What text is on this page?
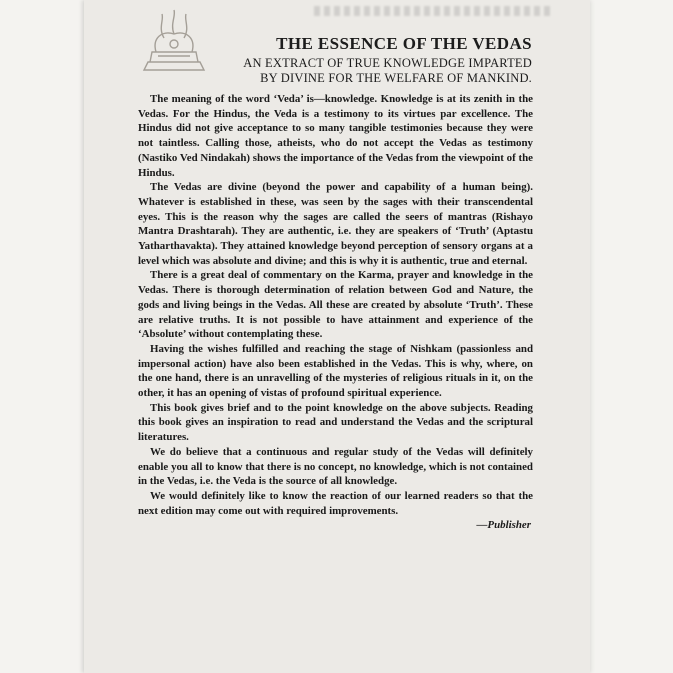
THE ESSENCE OF THE VEDAS
AN EXTRACT OF TRUE KNOWLEDGE IMPARTED
BY DIVINE FOR THE WELFARE OF MANKIND.

The meaning of the word ‘Veda’ is—knowledge. Knowledge is at its zenith in the Vedas. For the Hindus, the Veda is a testimony to its virtues par excellence. The Hindus did not give acceptance to so many tangible testimonies because they were not taintless. Calling those, atheists, who do not accept the Vedas as testimony (Nastiko Ved Nindakah) shows the importance of the Vedas from the viewpoint of the Hindus.

The Vedas are divine (beyond the power and capability of a human being). Whatever is established in these, was seen by the sages with their transcendental eyes. This is the reason why the sages are called the seers of mantras (Rishayo Mantra Drashtarah). They are authentic, i.e. they are speakers of ‘Truth’ (Aptastu Yatharthavakta). They attained knowledge beyond perception of sensory organs at a level which was absolute and divine; and this is why it is authentic, true and eternal.

There is a great deal of commentary on the Karma, prayer and knowledge in the Vedas. There is thorough determination of relation between God and Nature, the gods and living beings in the Vedas. All these are created by absolute ‘Truth’. These are relative truths. It is not possible to have attainment and experience of the ‘Absolute’ without contemplating these.

Having the wishes fulfilled and reaching the stage of Nishkam (passionless and impersonal action) have also been established in the Vedas. This is why, where, on the one hand, there is an unravelling of the mysteries of religious rituals in it, on the other, it has an opening of vistas of profound spiritual experience.

This book gives brief and to the point knowledge on the above subjects. Reading this book gives an inspiration to read and understand the Vedas and the scriptural literatures.

We do believe that a continuous and regular study of the Vedas will definitely enable you all to know that there is no concept, no knowledge, which is not contained in the Vedas, i.e. the Veda is the source of all knowledge.

We would definitely like to know the reaction of our learned readers so that the next edition may come out with required improvements.

—Publisher
